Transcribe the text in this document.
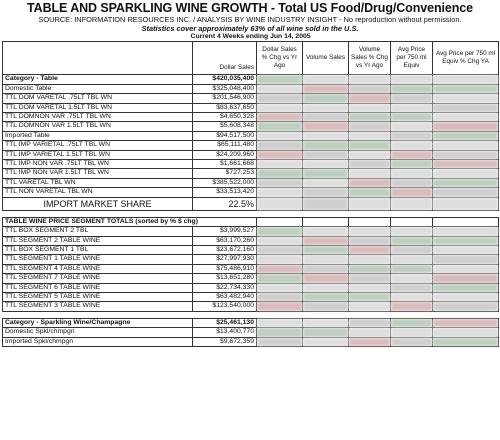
TABLE AND SPARKLING WINE GROWTH - Total US Food/Drug/Convenience
SOURCE: INFORMATION RESOURCES INC. / ANALYSIS BY WINE INDUSTRY INSIGHT - No reproduction without permission.
Statistics cover approximately 63% of all wine sold in the U.S.
Current 4 Weeks ending Jun 14, 2005						
	Dollar Sales	Dollar Sales % Chg vs Yr Ago	Volume Sales	Volume Sales % Chg vs Yr Ago	Avg Price per 750 ml Equiv	Avg Price per 750 ml Equiv % Chg YA
Category - Table	$420,035,400					
Domestic Table	$325,048,400					
TTL DOM VARETAL .75LT TBL WN	$201,546,900					
TTL DOM VARETAL 1.5LT TBL WN	$83,637,650					
TTL DOMNON VAR .75LT TBL WN	$4,650,328					
TTL DOMNON VAR 1.5LT TBL WN	$5,608,348					
Imported Table	$94,517,500					
TTL IMP VARIETAL .75LT TBL WN	$65,111,480					
TTL IMP VARIETAL 1.5LT TBL WN	$24,209,960					
TTL IMP NON VAR .75LT TBL WN	$1,661,668					
TTL IMP NON VAR 1.5LT TBL WN	$727,253					
TTL VARETAL TBL WN	$385,522,000					
TTL NON VARETAL TBL WN	$33,513,420					
IMPORT MARKET SHARE	22.5%					

TABLE WINE PRICE SEGMENT TOTALS (sorted by % $ chg)						
TTL BOX SEGMENT 2 TBL	$3,999,527					
TTL SEGMENT 2 TABLE WINE	$63,170,260					
TTL BOX SEGMENT 1 TBL	$23,672,160					
TTL SEGMENT 1 TABLE WINE	$27,997,930					
TTL SEGMENT 4 TABLE WINE	$75,486,910					
TTL SEGMENT 7 TABLE WINE	$13,651,280					
TTL SEGMENT 6 TABLE WINE	$22,734,330					
TTL SEGMENT 5 TABLE WINE	$63,482,940					
TTL SEGMENT 3 TABLE WINE	$123,540,000					

Category - Sparkling Wine/Champagne	$25,461,130					
Domestic Spkl/chmpgn	$13,400,770					
Imported Spkl/chmpgn	$9,672,359					
